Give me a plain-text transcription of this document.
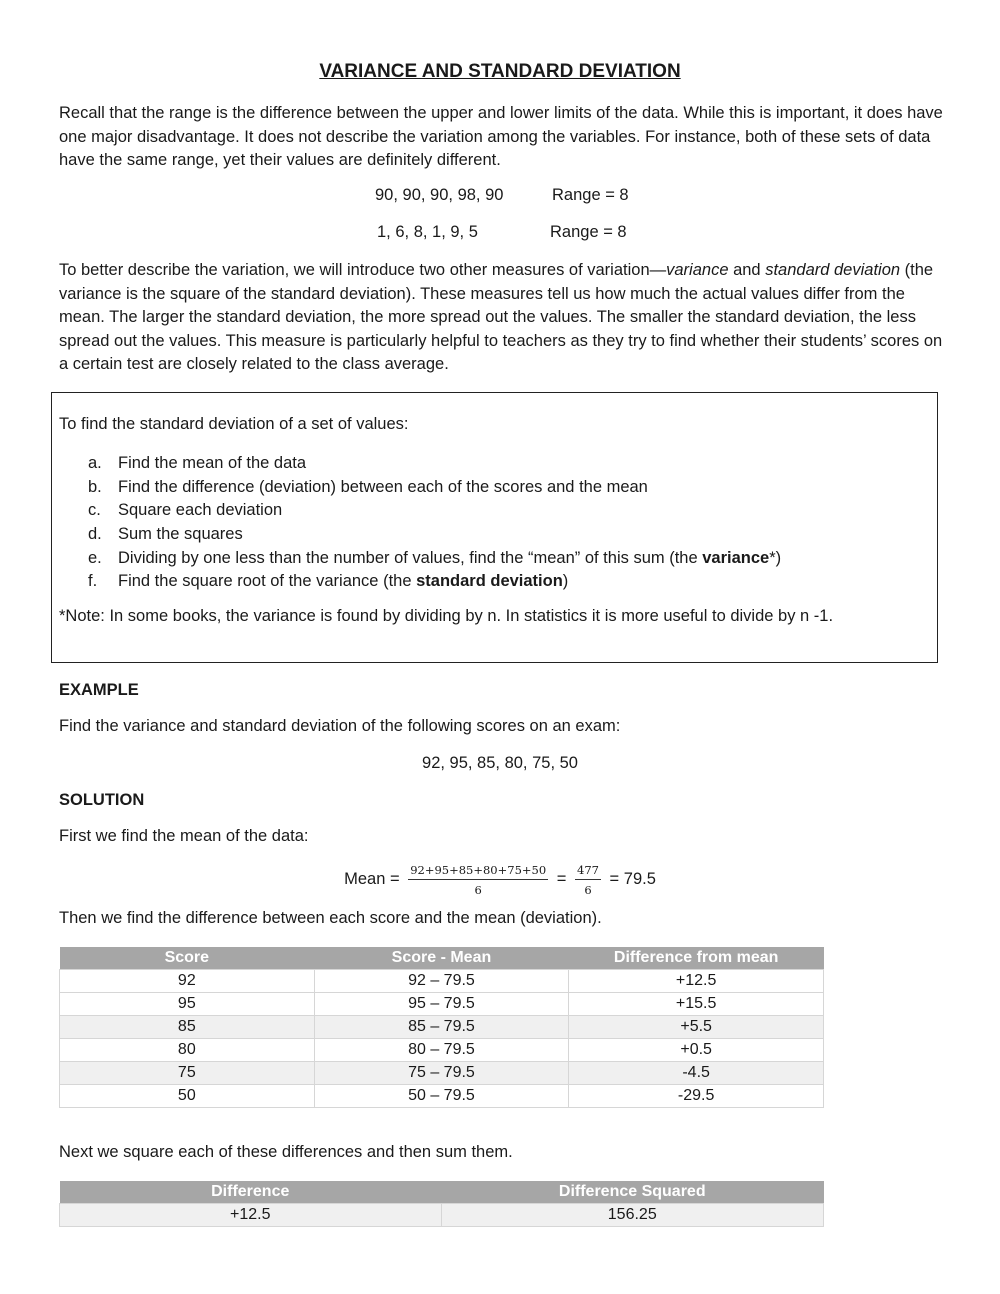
VARIANCE AND STANDARD DEVIATION
Recall that the range is the difference between the upper and lower limits of the data. While this is important, it does have one major disadvantage. It does not describe the variation among the variables. For instance, both of these sets of data have the same range, yet their values are definitely different.
90, 90, 90, 98, 90	Range = 8
1, 6, 8, 1, 9, 5	Range = 8
To better describe the variation, we will introduce two other measures of variation—variance and standard deviation (the variance is the square of the standard deviation). These measures tell us how much the actual values differ from the mean. The larger the standard deviation, the more spread out the values. The smaller the standard deviation, the less spread out the values. This measure is particularly helpful to teachers as they try to find whether their students’ scores on a certain test are closely related to the class average.
To find the standard deviation of a set of values:
a. Find the mean of the data
b. Find the difference (deviation) between each of the scores and the mean
c. Square each deviation
d. Sum the squares
e. Dividing by one less than the number of values, find the “mean” of this sum (the variance*)
f. Find the square root of the variance (the standard deviation)
*Note: In some books, the variance is found by dividing by n. In statistics it is more useful to divide by n -1.
EXAMPLE
Find the variance and standard deviation of the following scores on an exam:
92, 95, 85, 80, 75, 50
SOLUTION
First we find the mean of the data:
Mean = $\frac{92+95+85+80+75+50}{6} = \frac{477}{6} = 79.5$
Then we find the difference between each score and the mean (deviation).
Score	Score - Mean	Difference from mean
92	92 – 79.5	+12.5
95	95 – 79.5	+15.5
85	85 – 79.5	+5.5
80	80 – 79.5	+0.5
75	75 – 79.5	-4.5
50	50 – 79.5	-29.5
Next we square each of these differences and then sum them.
Difference	Difference Squared
+12.5	156.25
